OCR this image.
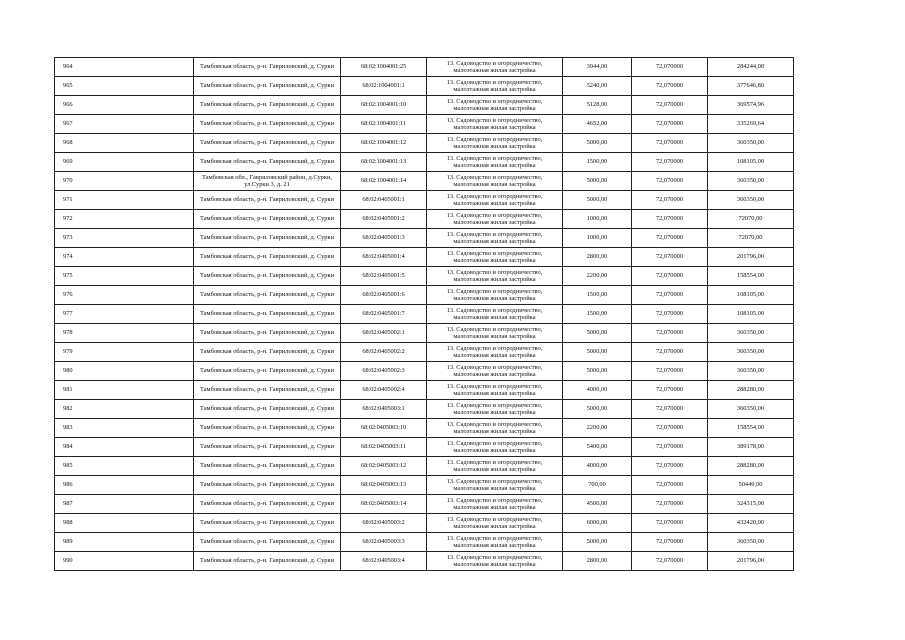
964	Тамбовская область, р-н. Гавриловский, д. Сурки	68:02:1004001:25	13. Садоводство и огородничество, малоэтажная жилая застройка	3944,00	72,070000	284244,08
965	Тамбовская область, р-н. Гавриловский, д. Сурки	68:02:1004001:1	13. Садоводство и огородничество, малоэтажная жилая застройка	5240,00	72,070000	377646,80
966	Тамбовская область, р-н. Гавриловский, д. Сурки	68:02:1004001:10	13. Садоводство и огородничество, малоэтажная жилая застройка	5128,00	72,070000	369574,96
967	Тамбовская область, р-н. Гавриловский, д. Сурки	68:02:1004001:11	13. Садоводство и огородничество, малоэтажная жилая застройка	4652,00	72,070000	335269,64
968	Тамбовская область, р-н. Гавриловский, д. Сурки	68:02:1004001:12	13. Садоводство и огородничество, малоэтажная жилая застройка	5000,00	72,070000	360350,00
969	Тамбовская область, р-н. Гавриловский, д. Сурки	68:02:1004001:13	13. Садоводство и огородничество, малоэтажная жилая застройка	1500,00	72,070000	108105,00
970	Тамбовская обл., Гавриловский район, д.Сурки, ул.Сурки 3, д. 21	68:02:1004001:14	13. Садоводство и огородничество, малоэтажная жилая застройка	5000,00	72,070000	360350,00
971	Тамбовская область, р-н. Гавриловский, д. Сурки	68:02:0405001:1	13. Садоводство и огородничество, малоэтажная жилая застройка	5000,00	72,070000	360350,00
972	Тамбовская область, р-н. Гавриловский, д. Сурки	68:02:0405001:2	13. Садоводство и огородничество, малоэтажная жилая застройка	1000,00	72,070000	72070,00
973	Тамбовская область, р-н. Гавриловский, д. Сурки	68:02:0405001:3	13. Садоводство и огородничество, малоэтажная жилая застройка	1000,00	72,070000	72070,00
974	Тамбовская область, р-н. Гавриловский, д. Сурки	68:02:0405001:4	13. Садоводство и огородничество, малоэтажная жилая застройка	2800,00	72,070000	201796,00
975	Тамбовская область, р-н. Гавриловский, д. Сурки	68:02:0405001:5	13. Садоводство и огородничество, малоэтажная жилая застройка	2200,00	72,070000	158554,00
976	Тамбовская область, р-н. Гавриловский, д. Сурки	68:02:0405001:6	13. Садоводство и огородничество, малоэтажная жилая застройка	1500,00	72,070000	108105,00
977	Тамбовская область, р-н. Гавриловский, д. Сурки	68:02:0405001:7	13. Садоводство и огородничество, малоэтажная жилая застройка	1500,00	72,070000	108105,00
978	Тамбовская область, р-н. Гавриловский, д. Сурки	68:02:0405002:1	13. Садоводство и огородничество, малоэтажная жилая застройка	5000,00	72,070000	360350,00
979	Тамбовская область, р-н. Гавриловский, д. Сурки	68:02:0405002:2	13. Садоводство и огородничество, малоэтажная жилая застройка	5000,00	72,070000	360350,00
980	Тамбовская область, р-н. Гавриловский, д. Сурки	68:02:0405002:3	13. Садоводство и огородничество, малоэтажная жилая застройка	5000,00	72,070000	360350,00
981	Тамбовская область, р-н. Гавриловский, д. Сурки	68:02:0405002:4	13. Садоводство и огородничество, малоэтажная жилая застройка	4000,00	72,070000	288280,00
982	Тамбовская область, р-н. Гавриловский, д. Сурки	68:02:0405003:1	13. Садоводство и огородничество, малоэтажная жилая застройка	5000,00	72,070000	360350,00
983	Тамбовская область, р-н. Гавриловский, д. Сурки	68:02:0405003:10	13. Садоводство и огородничество, малоэтажная жилая застройка	2200,00	72,070000	158554,00
984	Тамбовская область, р-н. Гавриловский, д. Сурки	68:02:0405003:11	13. Садоводство и огородничество, малоэтажная жилая застройка	5400,00	72,070000	389178,00
985	Тамбовская область, р-н. Гавриловский, д. Сурки	68:02:0405003:12	13. Садоводство и огородничество, малоэтажная жилая застройка	4000,00	72,070000	288280,00
986	Тамбовская область, р-н. Гавриловский, д. Сурки	68:02:0405003:13	13. Садоводство и огородничество, малоэтажная жилая застройка	700,00	72,070000	50449,00
987	Тамбовская область, р-н. Гавриловский, д. Сурки	68:02:0405003:14	13. Садоводство и огородничество, малоэтажная жилая застройка	4500,00	72,070000	324315,00
988	Тамбовская область, р-н. Гавриловский, д. Сурки	68:02:0405003:2	13. Садоводство и огородничество, малоэтажная жилая застройка	6000,00	72,070000	432420,00
989	Тамбовская область, р-н. Гавриловский, д. Сурки	68:02:0405003:3	13. Садоводство и огородничество, малоэтажная жилая застройка	5000,00	72,070000	360350,00
990	Тамбовская область, р-н. Гавриловский, д. Сурки	68:02:0405003:4	13. Садоводство и огородничество, малоэтажная жилая застройка	2800,00	72,070000	201796,00
